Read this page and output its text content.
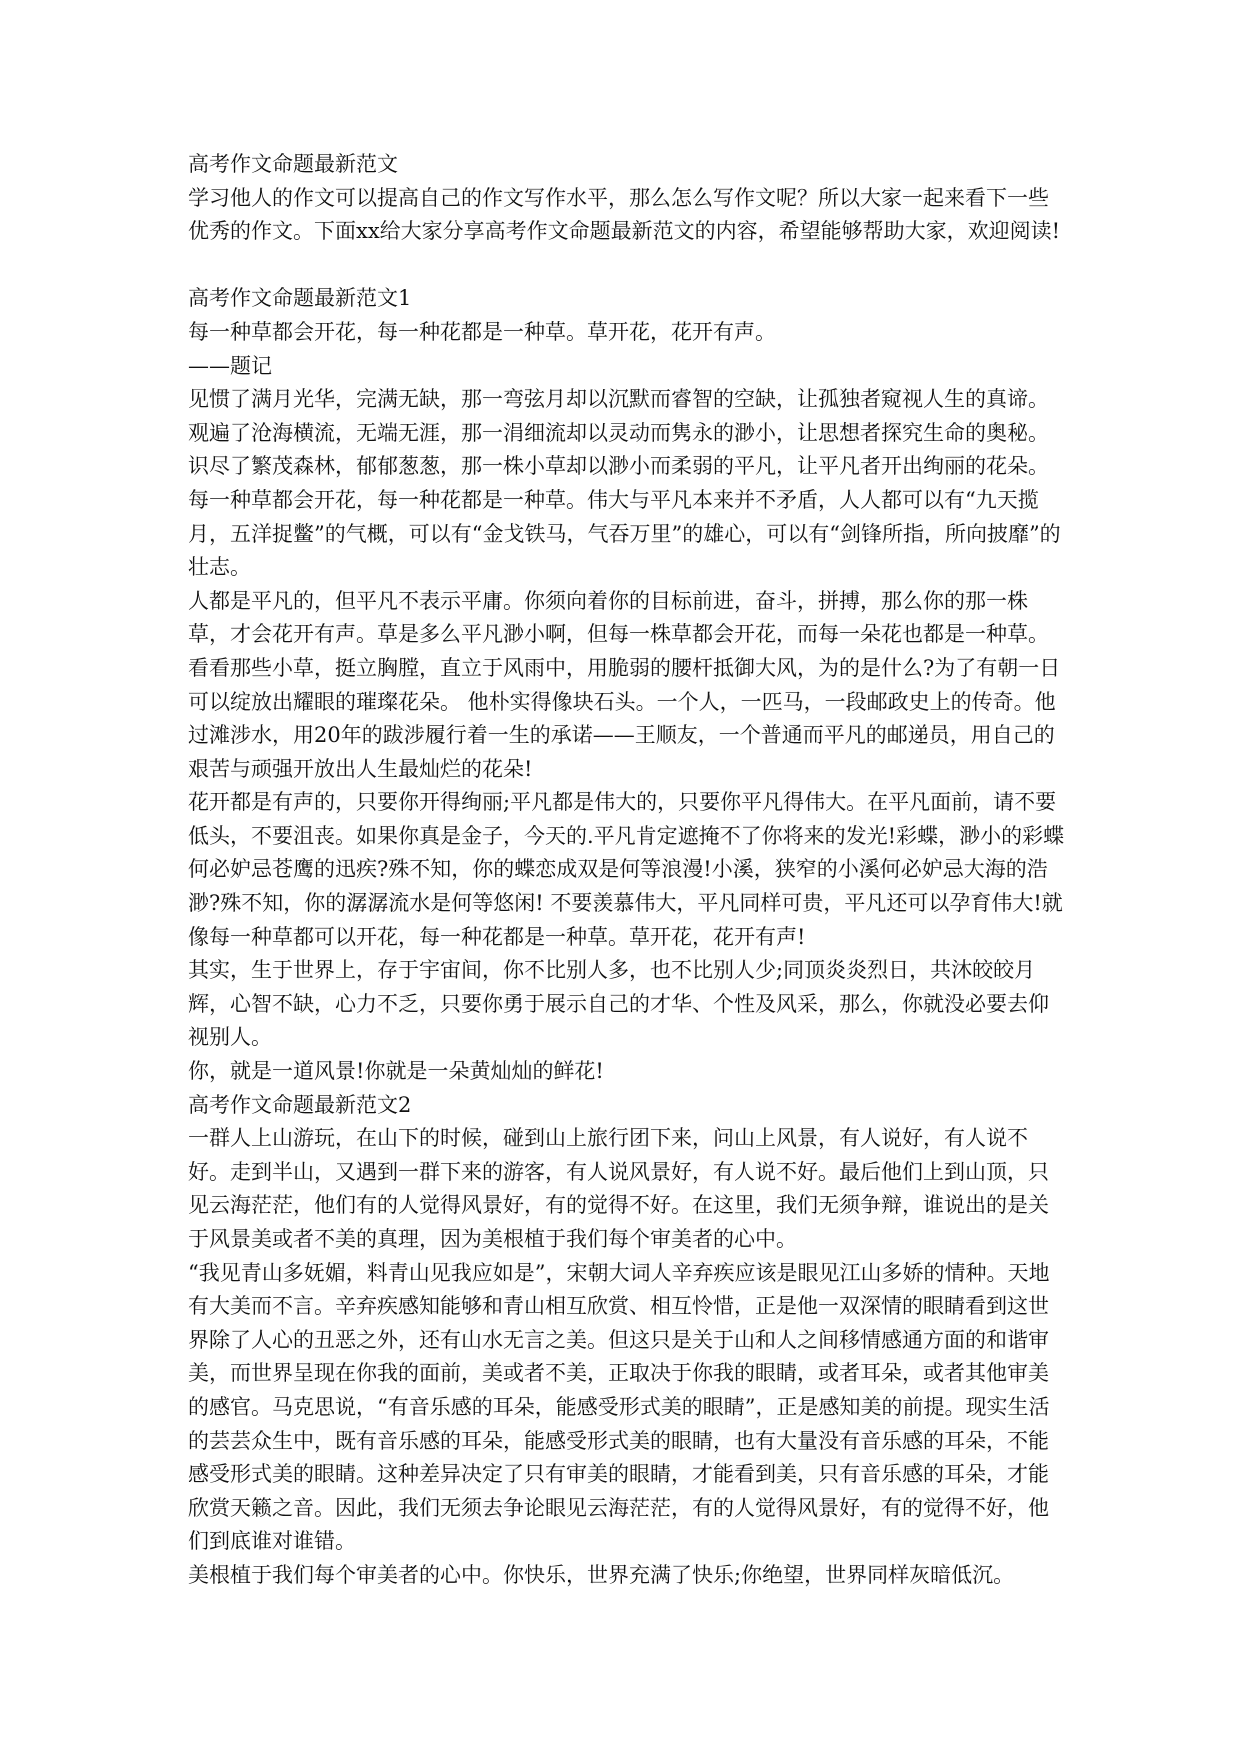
高考作文命题最新范文

学习他人的作文可以提高自己的作文写作水平，那么怎么写作文呢？所以大家一起来看下一些优秀的作文。下面xx给大家分享高考作文命题最新范文的内容，希望能够帮助大家，欢迎阅读!

高考作文命题最新范文1

每一种草都会开花，每一种花都是一种草。草开花，花开有声。

——题记

见惯了满月光华，完满无缺，那一弯弦月却以沉默而睿智的空缺，让孤独者窥视人生的真谛。

观遍了沧海横流，无端无涯，那一涓细流却以灵动而隽永的渺小，让思想者探究生命的奥秘。

识尽了繁茂森林，郁郁葱葱，那一株小草却以渺小而柔弱的平凡，让平凡者开出绚丽的花朵。

每一种草都会开花，每一种花都是一种草。伟大与平凡本来并不矛盾，人人都可以有“九天揽月，五洋捉鳖”的气概，可以有“金戈铁马，气吞万里”的雄心，可以有“剑锋所指，所向披靡”的壮志。

人都是平凡的，但平凡不表示平庸。你须向着你的目标前进，奋斗，拼搏，那么你的那一株草，才会花开有声。草是多么平凡渺小啊，但每一株草都会开花，而每一朵花也都是一种草。看看那些小草，挺立胸膛，直立于风雨中，用脆弱的腰杆抵御大风，为的是什么?为了有朝一日可以绽放出耀眼的璀璨花朵。 他朴实得像块石头。一个人，一匹马，一段邮政史上的传奇。他过滩涉水，用20年的跋涉履行着一生的承诺——王顺友，一个普通而平凡的邮递员，用自己的艰苦与顽强开放出人生最灿烂的花朵!

花开都是有声的，只要你开得绚丽;平凡都是伟大的，只要你平凡得伟大。在平凡面前，请不要低头，不要沮丧。如果你真是金子，今天的.平凡肯定遮掩不了你将来的发光!彩蝶，渺小的彩蝶何必妒忌苍鹰的迅疾?殊不知，你的蝶恋成双是何等浪漫!小溪，狭窄的小溪何必妒忌大海的浩渺?殊不知，你的潺潺流水是何等悠闲! 不要羡慕伟大，平凡同样可贵，平凡还可以孕育伟大!就像每一种草都可以开花，每一种花都是一种草。草开花，花开有声!

其实，生于世界上，存于宇宙间，你不比别人多，也不比别人少;同顶炎炎烈日，共沐皎皎月辉，心智不缺，心力不乏，只要你勇于展示自己的才华、个性及风采，那么，你就没必要去仰视别人。

你，就是一道风景!你就是一朵黄灿灿的鲜花!

高考作文命题最新范文2

一群人上山游玩，在山下的时候，碰到山上旅行团下来，问山上风景，有人说好，有人说不好。走到半山，又遇到一群下来的游客，有人说风景好，有人说不好。最后他们上到山顶，只见云海茫茫，他们有的人觉得风景好，有的觉得不好。在这里，我们无须争辩，谁说出的是关于风景美或者不美的真理，因为美根植于我们每个审美者的心中。

“我见青山多妩媚，料青山见我应如是”，宋朝大词人辛弃疾应该是眼见江山多娇的情种。天地有大美而不言。辛弃疾感知能够和青山相互欣赏、相互怜惜，正是他一双深情的眼睛看到这世界除了人心的丑恶之外，还有山水无言之美。但这只是关于山和人之间移情感通方面的和谐审美，而世界呈现在你我的面前，美或者不美，正取决于你我的眼睛，或者耳朵，或者其他审美的感官。马克思说，“有音乐感的耳朵，能感受形式美的眼睛”，正是感知美的前提。现实生活的芸芸众生中，既有音乐感的耳朵，能感受形式美的眼睛，也有大量没有音乐感的耳朵，不能感受形式美的眼睛。这种差异决定了只有审美的眼睛，才能看到美，只有音乐感的耳朵，才能欣赏天籁之音。因此，我们无须去争论眼见云海茫茫，有的人觉得风景好，有的觉得不好，他们到底谁对谁错。

美根植于我们每个审美者的心中。你快乐，世界充满了快乐;你绝望，世界同样灰暗低沉。
